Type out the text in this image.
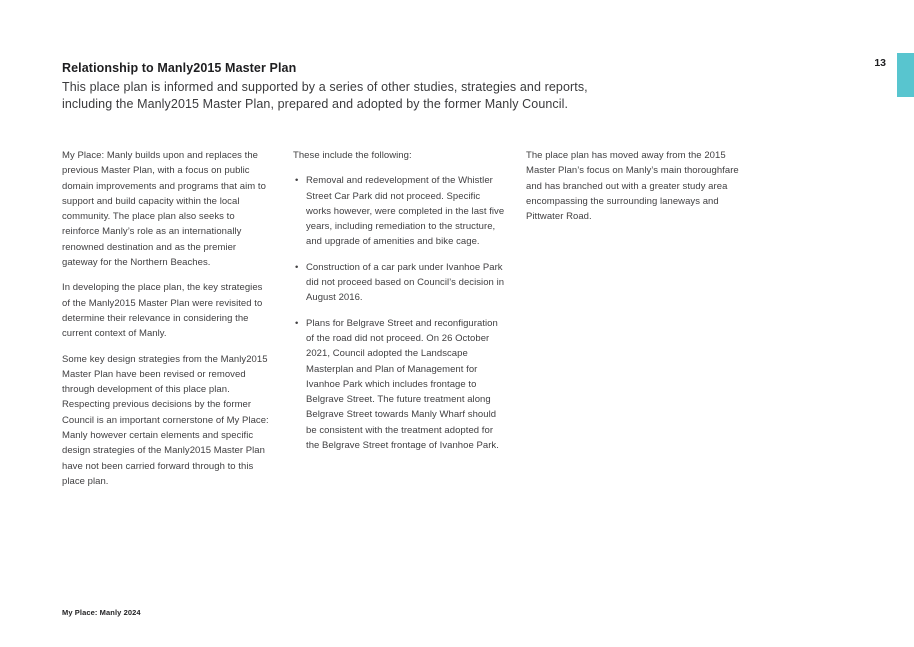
Relationship to Manly2015 Master Plan
This place plan is informed and supported by a series of other studies, strategies and reports,
including the Manly2015 Master Plan, prepared and adopted by the former Manly Council.
13

My Place: Manly builds upon and replaces the previous Master Plan, with a focus on public domain improvements and programs that aim to support and build capacity within the local community. The place plan also seeks to reinforce Manly’s role as an internationally renowned destination and as the premier gateway for the Northern Beaches.

In developing the place plan, the key strategies of the Manly2015 Master Plan were revisited to determine their relevance in considering the current context of Manly.

Some key design strategies from the Manly2015 Master Plan have been revised or removed through development of this place plan. Respecting previous decisions by the former Council is an important cornerstone of My Place: Manly however certain elements and specific design strategies of the Manly2015 Master Plan have not been carried forward through to this place plan.

These include the following:

• Removal and redevelopment of the Whistler Street Car Park did not proceed. Specific works however, were completed in the last five years, including remediation to the structure, and upgrade of amenities and bike cage.
• Construction of a car park under Ivanhoe Park did not proceed based on Council’s decision in August 2016.
• Plans for Belgrave Street and reconfiguration of the road did not proceed. On 26 October 2021, Council adopted the Landscape Masterplan and Plan of Management for Ivanhoe Park which includes frontage to Belgrave Street. The future treatment along Belgrave Street towards Manly Wharf should be consistent with the treatment adopted for the Belgrave Street frontage of Ivanhoe Park.

The place plan has moved away from the 2015 Master Plan’s focus on Manly’s main thoroughfare and has branched out with a greater study area encompassing the surrounding laneways and Pittwater Road.

My Place: Manly 2024
